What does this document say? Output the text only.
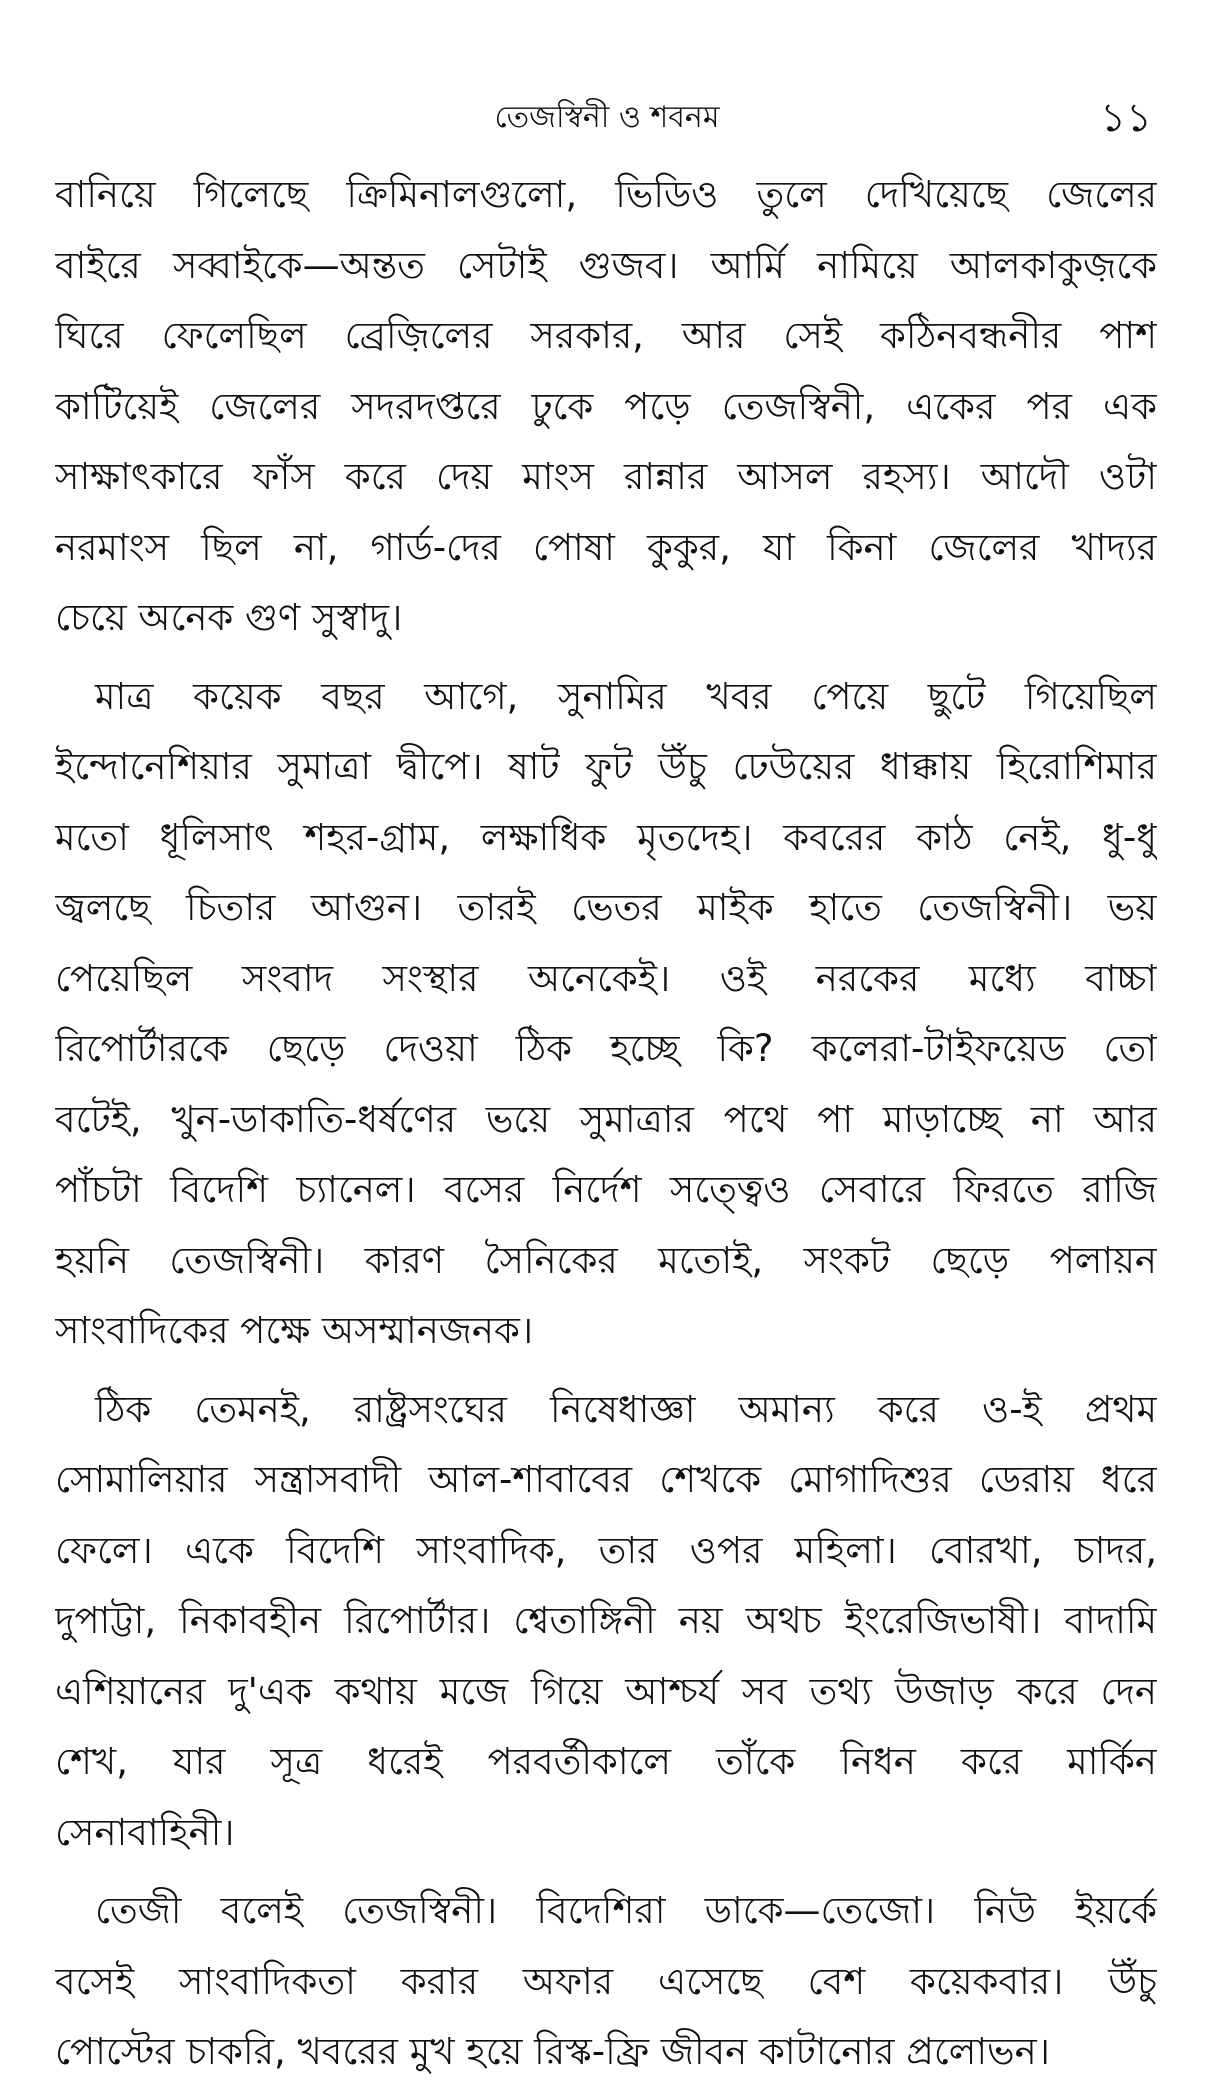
তেজস্বিনী ও শবনম	১১
বানিয়ে গিলেছে ক্রিমিনালগুলো, ভিডিও তুলে দেখিয়েছে জেলের
বাইরে সব্বাইকে—অন্তত সেটাই গুজব। আর্মি নামিয়ে আলকাকুজ়কে
ঘিরে ফেলেছিল ব্রেজ়িলের সরকার, আর সেই কঠিনবন্ধনীর পাশ
কাটিয়েই জেলের সদরদপ্তরে ঢুকে পড়ে তেজস্বিনী, একের পর এক
সাক্ষাৎকারে ফাঁস করে দেয় মাংস রান্নার আসল রহস্য। আদৌ ওটা
নরমাংস ছিল না, গার্ড-দের পোষা কুকুর, যা কিনা জেলের খাদ্যর
চেয়ে অনেক গুণ সুস্বাদু।
মাত্র কয়েক বছর আগে, সুনামির খবর পেয়ে ছুটে গিয়েছিল
ইন্দোনেশিয়ার সুমাত্রা দ্বীপে। ষাট ফুট উঁচু ঢেউয়ের ধাক্কায় হিরোশিমার
মতো ধূলিসাৎ শহর-গ্রাম, লক্ষাধিক মৃতদেহ। কবরের কাঠ নেই, ধু-ধু
জ্বলছে চিতার আগুন। তারই ভেতর মাইক হাতে তেজস্বিনী। ভয়
পেয়েছিল সংবাদ সংস্থার অনেকেই। ওই নরকের মধ্যে বাচ্চা
রিপোর্টারকে ছেড়ে দেওয়া ঠিক হচ্ছে কি? কলেরা-টাইফয়েড তো
বটেই, খুন-ডাকাতি-ধর্ষণের ভয়ে সুমাত্রার পথে পা মাড়াচ্ছে না আর
পাঁচটা বিদেশি চ্যানেল। বসের নির্দেশ সত্ত্বেও সেবারে ফিরতে রাজি
হয়নি তেজস্বিনী। কারণ সৈনিকের মতোই, সংকট ছেড়ে পলায়ন
সাংবাদিকের পক্ষে অসম্মানজনক।
ঠিক তেমনই, রাষ্ট্রসংঘের নিষেধাজ্ঞা অমান্য করে ও-ই প্রথম
সোমালিয়ার সন্ত্রাসবাদী আল-শাবাবের শেখকে মোগাদিশুর ডেরায় ধরে
ফেলে। একে বিদেশি সাংবাদিক, তার ওপর মহিলা। বোরখা, চাদর,
দুপাট্টা, নিকাবহীন রিপোর্টার। শ্বেতাঙ্গিনী নয় অথচ ইংরেজিভাষী। বাদামি
এশিয়ানের দু'এক কথায় মজে গিয়ে আশ্চর্য সব তথ্য উজাড় করে দেন
শেখ, যার সূত্র ধরেই পরবর্তীকালে তাঁকে নিধন করে মার্কিন
সেনাবাহিনী।
তেজী বলেই তেজস্বিনী। বিদেশিরা ডাকে—তেজো। নিউ ইয়র্কে
বসেই সাংবাদিকতা করার অফার এসেছে বেশ কয়েকবার। উঁচু
পোস্টের চাকরি, খবরের মুখ হয়ে রিস্ক-ফ্রি জীবন কাটানোর প্রলোভন।
